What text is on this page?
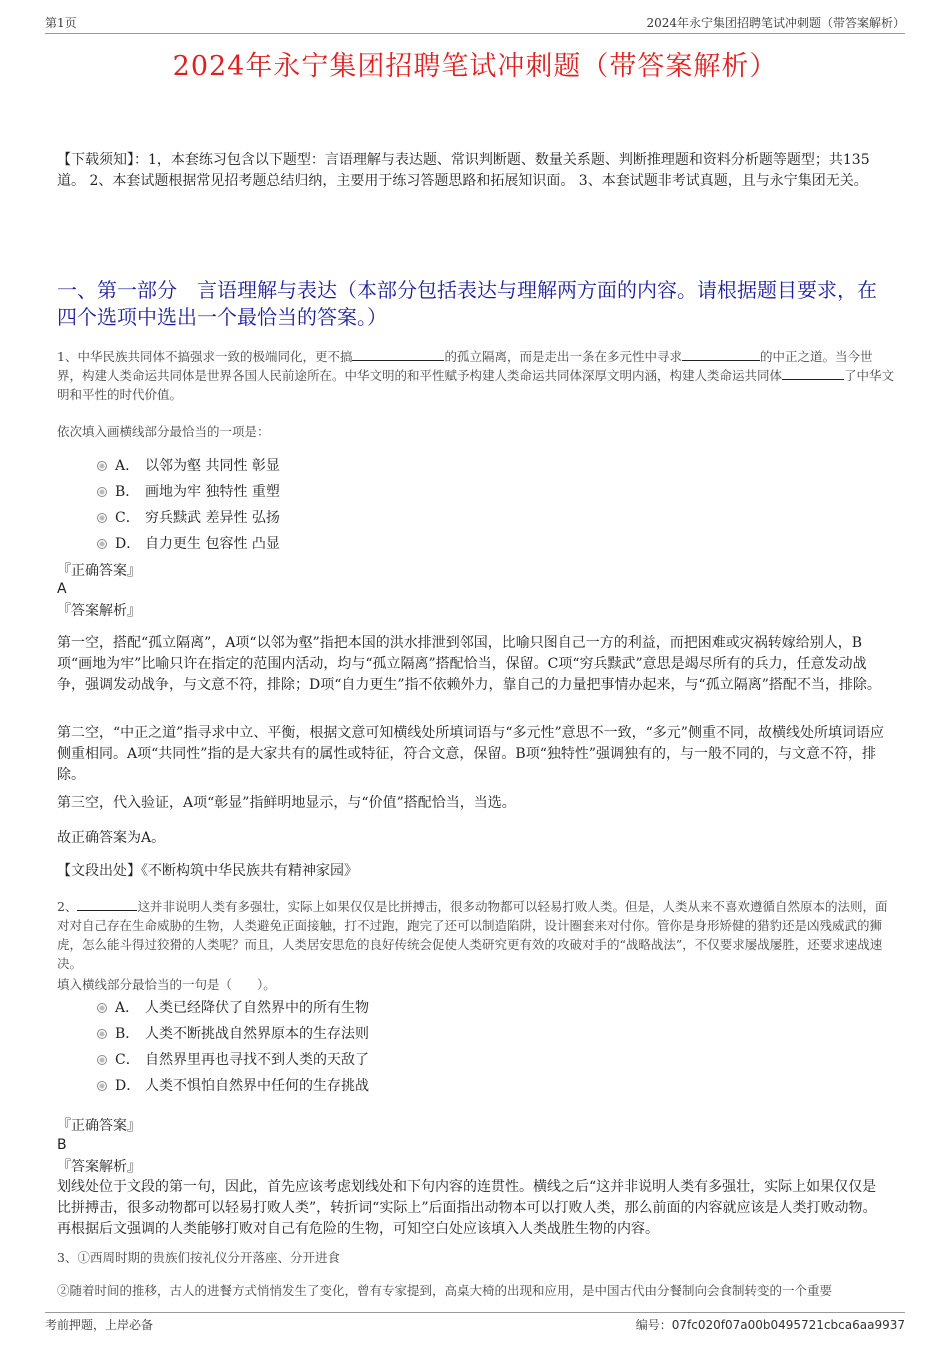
第1页	2024年永宁集团招聘笔试冲刺题（带答案解析）
2024年永宁集团招聘笔试冲刺题（带答案解析）
【下载须知】：1，本套练习包含以下题型：言语理解与表达题、常识判断题、数量关系题、判断推理题和资料分析题等题型；共135道。 2、本套试题根据常见招考题总结归纳，主要用于练习答题思路和拓展知识面。 3、本套试题非考试真题，且与永宁集团无关。
一、第一部分　言语理解与表达（本部分包括表达与理解两方面的内容。请根据题目要求，在四个选项中选出一个最恰当的答案。）
1、中华民族共同体不搞强求一致的极端同化，更不搞	的孤立隔离，而是走出一条在多元性中寻求	的中正之道。当今世界，构建人类命运共同体是世界各国人民前途所在。中华文明的和平性赋予构建人类命运共同体深厚文明内涵，构建人类命运共同体	了中华文明和平性的时代价值。
依次填入画横线部分最恰当的一项是：
A． 以邻为壑 共同性 彰显
B． 画地为牢 独特性 重塑
C． 穷兵黩武 差异性 弘扬
D． 自力更生 包容性 凸显
『正确答案』
A
『答案解析』
第一空，搭配“孤立隔离”，A项“以邻为壑”指把本国的洪水排泄到邻国，比喻只图自己一方的利益，而把困难或灾祸转嫁给别人，B项“画地为牢”比喻只许在指定的范围内活动，均与“孤立隔离”搭配恰当，保留。C项“穷兵黩武”意思是竭尽所有的兵力，任意发动战争，强调发动战争，与文意不符，排除；D项“自力更生”指不依赖外力，靠自己的力量把事情办起来，与“孤立隔离”搭配不当，排除。
第二空，“中正之道”指寻求中立、平衡，根据文意可知横线处所填词语与“多元性”意思不一致，“多元”侧重不同，故横线处所填词语应侧重相同。A项“共同性”指的是大家共有的属性或特征，符合文意，保留。B项“独特性”强调独有的，与一般不同的，与文意不符，排除。
第三空，代入验证，A项“彰显”指鲜明地显示，与“价值”搭配恰当，当选。
故正确答案为A。
【文段出处】《不断构筑中华民族共有精神家园》
2、	这并非说明人类有多强壮，实际上如果仅仅是比拼搏击，很多动物都可以轻易打败人类。但是，人类从来不喜欢遵循自然原本的法则，面对对自己存在生命威胁的生物，人类避免正面接触，打不过跑，跑完了还可以制造陷阱，设计圈套来对付你。管你是身形矫健的猎豹还是凶残威武的狮虎，怎么能斗得过狡猾的人类呢？而且，人类居安思危的良好传统会促使人类研究更有效的攻破对手的“战略战法”，不仅要求屡战屡胜，还要求速战速决。
填入横线部分最恰当的一句是（　　）。
A． 人类已经降伏了自然界中的所有生物
B． 人类不断挑战自然界原本的生存法则
C． 自然界里再也寻找不到人类的天敌了
D． 人类不惧怕自然界中任何的生存挑战
『正确答案』
B
『答案解析』
划线处位于文段的第一句，因此，首先应该考虑划线处和下句内容的连贯性。横线之后“这并非说明人类有多强壮，实际上如果仅仅是比拼搏击，很多动物都可以轻易打败人类”，转折词“实际上”后面指出动物本可以打败人类，那么前面的内容就应该是人类打败动物。再根据后文强调的人类能够打败对自己有危险的生物，可知空白处应该填入人类战胜生物的内容。
3、①西周时期的贵族们按礼仪分开落座、分开进食
②随着时间的推移，古人的进餐方式悄悄发生了变化，曾有专家提到，高桌大椅的出现和应用，是中国古代由分餐制向会食制转变的一个重要
考前押题，上岸必备	编号：07fc020f07a00b0495721cbca6aa9937
